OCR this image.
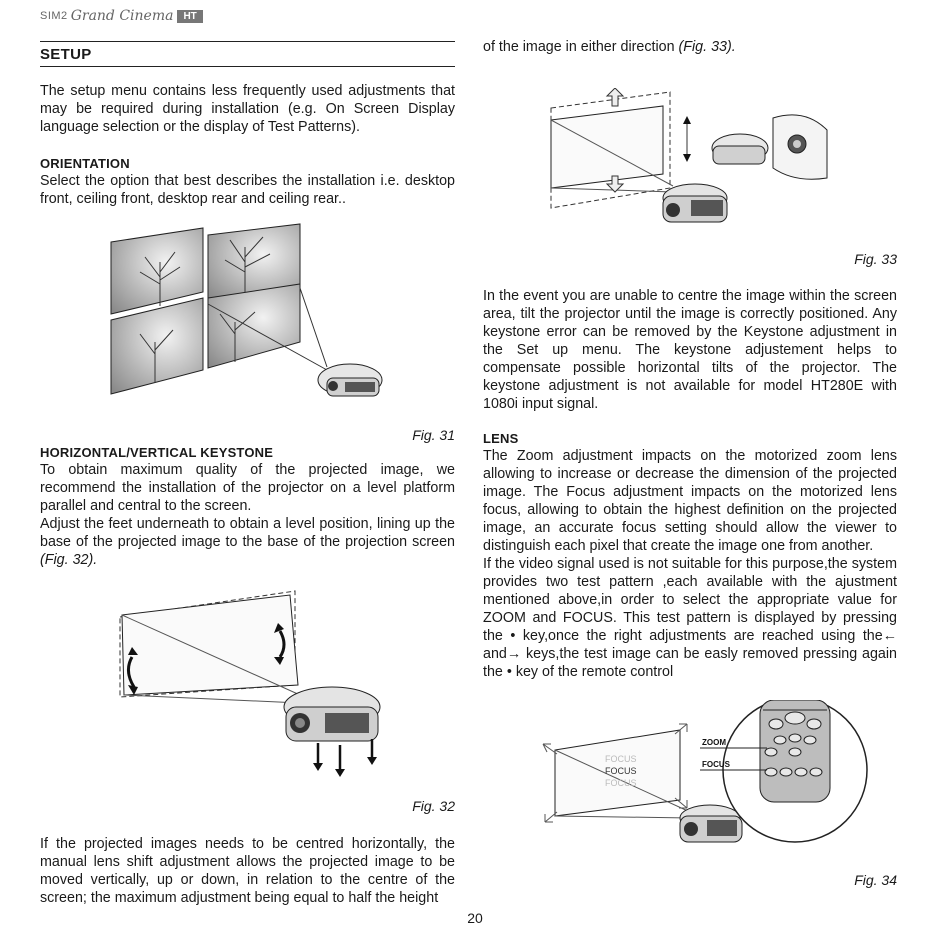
SIM2 Grand Cinema	HT
SETUP

The setup menu contains less frequently used adjustments that may be required during installation (e.g. On Screen Display language selection or the display of Test Patterns).

ORIENTATION

Select the option that best describes the installation i.e. desktop front, ceiling front, desktop rear and ceiling rear..

Fig. 31
HORIZONTAL/VERTICAL KEYSTONE

To obtain maximum quality of the projected image, we recommend the installation of the projector on a level platform parallel and central to the screen.

Adjust the feet underneath to obtain a level position, lining up the base of the projected image to the base of the projection screen (Fig. 32).

Fig. 32

If the projected images needs to be centred horizontally, the manual lens shift adjustment allows the projected image to be moved vertically, up or down, in relation to the centre of the screen; the maximum adjustment being equal to half the height

of the image in either direction (Fig. 33).

Fig. 33

In the event you are unable to centre the image within the screen area, tilt the projector until the image is correctly positioned. Any keystone error can be removed by the Keystone adjustment in the Set up menu. The keystone adjustement helps to compensate possible horizontal tilts of the projector. The keystone adjustment is not available for model HT280E with 1080i input signal.

LENS

The Zoom adjustment impacts on the motorized zoom lens allowing to increase or decrease the dimension of the projected image. The Focus adjustment impacts on the motorized lens focus, allowing to obtain the highest definition on the projected image, an accurate focus setting should allow the viewer to distinguish each pixel that create the image one from another.

If the video signal used is not suitable for this purpose,the system provides two test pattern ,each available with the ajustment mentioned above,in order to select the appropriate value for ZOOM and FOCUS. This test pattern is displayed by pressing the • key,once the right adjustments are reached using the← and→ keys,the test image can be easly removed pressing again the • key of the remote control

FOCUS
FOCUS
FOCUS
ZOOM
FOCUS
Fig. 34
20
